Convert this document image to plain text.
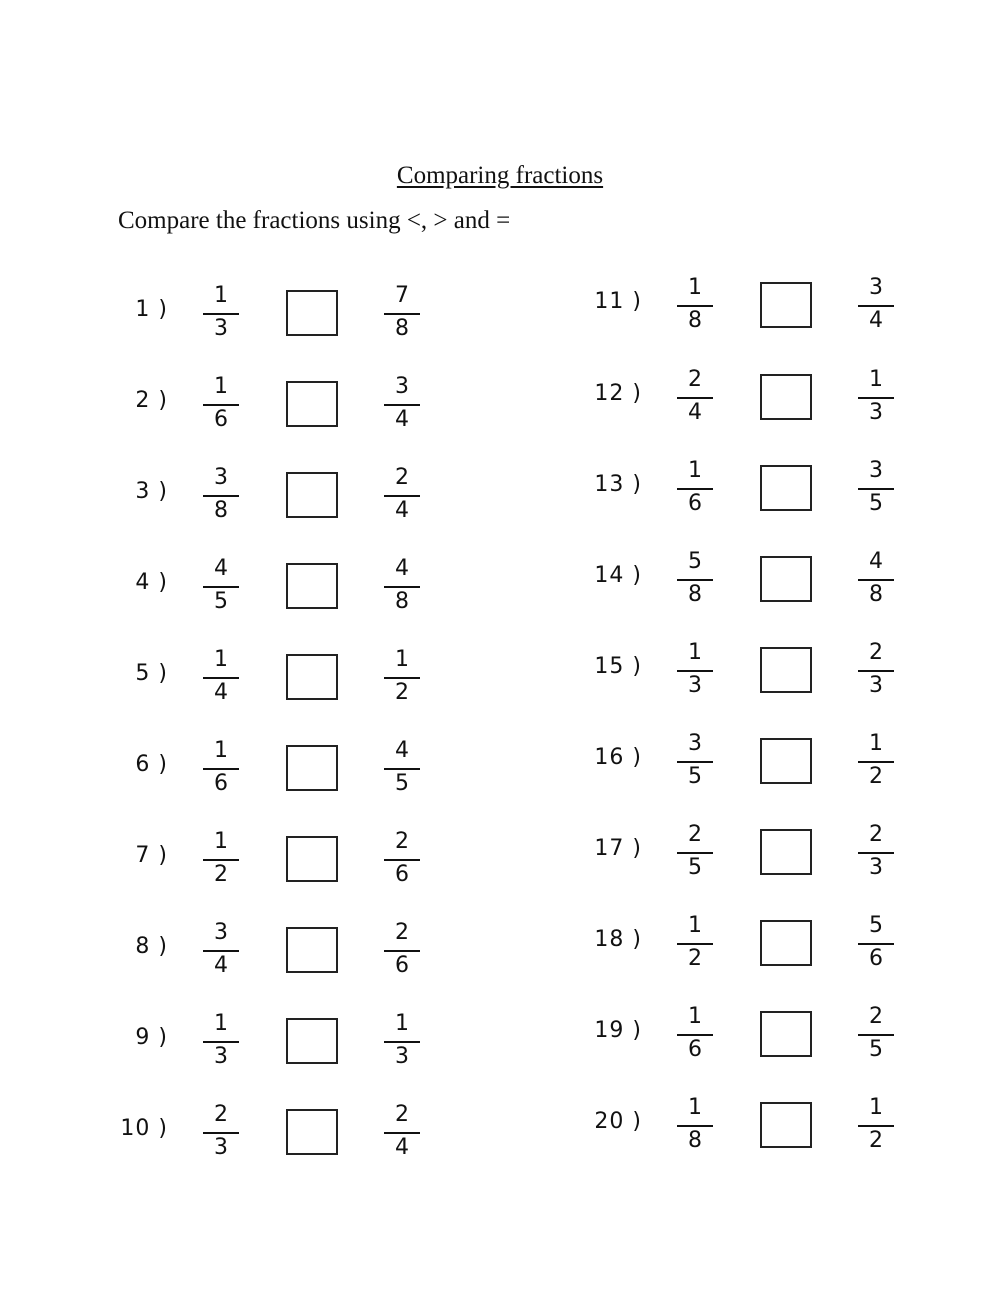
Comparing fractions

Compare the fractions using <, > and =

1 )
1
3
7
8
2 )
1
6
3
4
3 )
3
8
2
4
4 )
4
5
4
8
5 )
1
4
1
2
6 )
1
6
4
5
7 )
1
2
2
6
8 )
3
4
2
6
9 )
1
3
1
3
10 )
2
3
2
4
11 )
1
8
3
4
12 )
2
4
1
3
13 )
1
6
3
5
14 )
5
8
4
8
15 )
1
3
2
3
16 )
3
5
1
2
17 )
2
5
2
3
18 )
1
2
5
6
19 )
1
6
2
5
20 )
1
8
1
2
